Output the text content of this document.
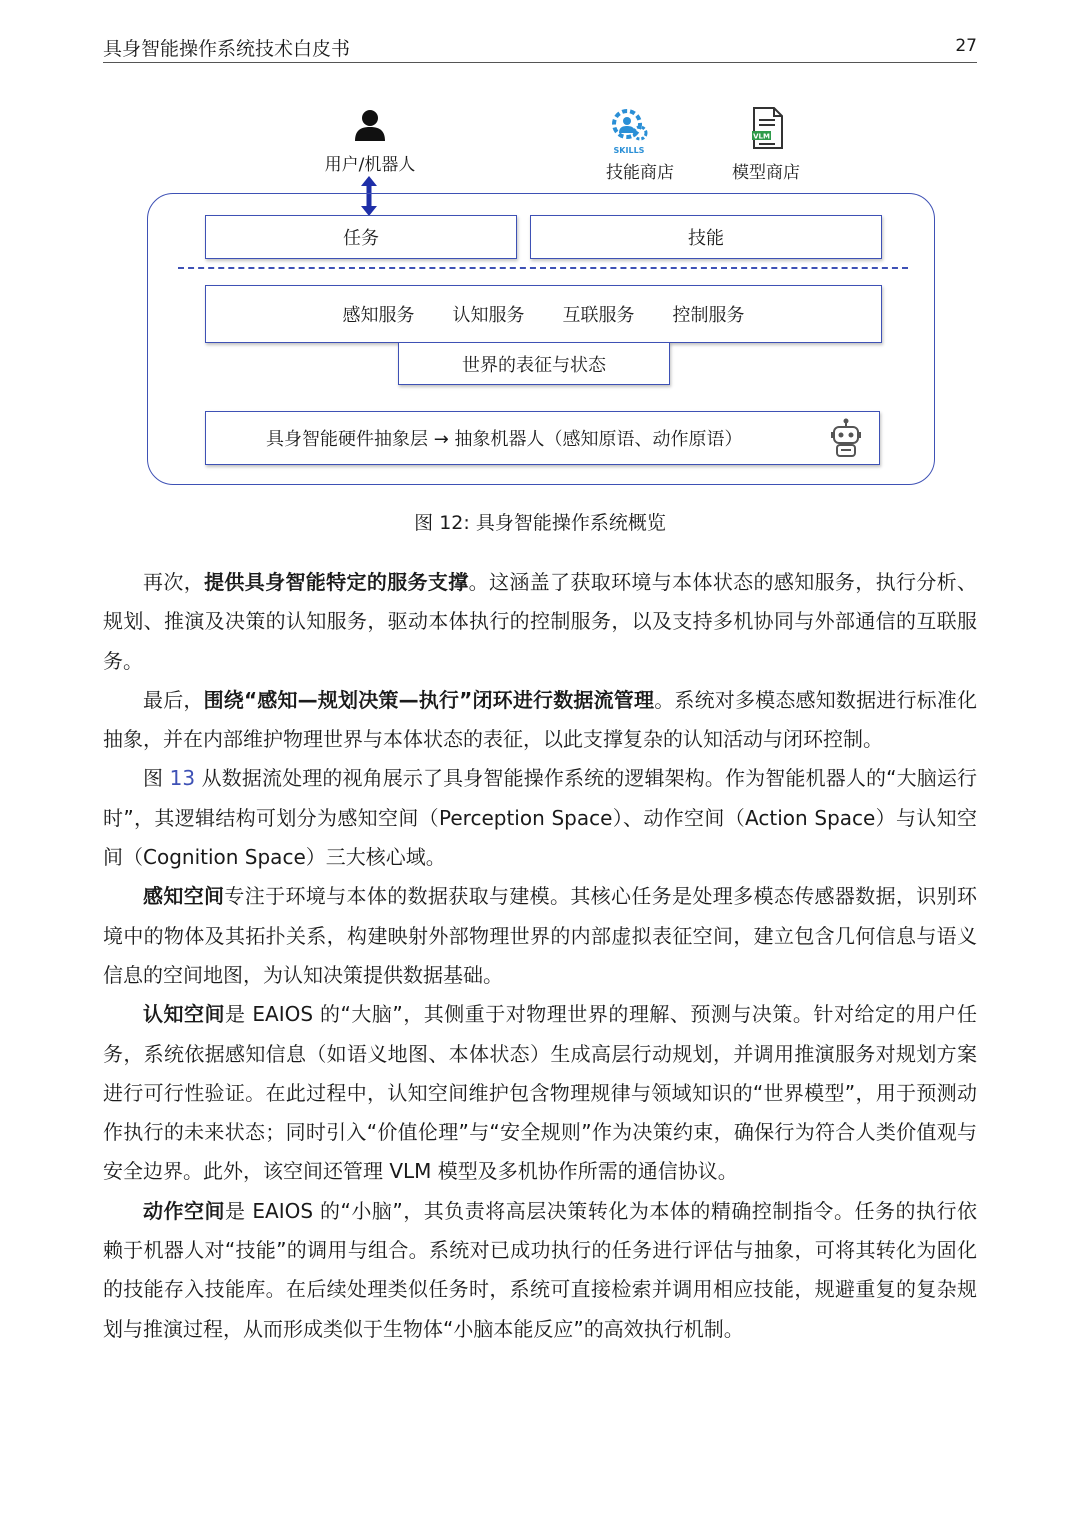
具身智能操作系统技术白皮书	27
用户/机器人
SKILLS
技能商店
VLM
模型商店
任务	技能
感知服务 认知服务 互联服务 控制服务
世界的表征与状态
具身智能硬件抽象层 → 抽象机器人（感知原语、动作原语）
图 12: 具身智能操作系统概览

再次，提供具身智能特定的服务支撑。这涵盖了获取环境与本体状态的感知服务，执行分析、规划、推演及决策的认知服务，驱动本体执行的控制服务，以及支持多机协同与外部通信的互联服务。

最后，围绕“感知—规划决策—执行”闭环进行数据流管理。系统对多模态感知数据进行标准化抽象，并在内部维护物理世界与本体状态的表征，以此支撑复杂的认知活动与闭环控制。

图 13 从数据流处理的视角展示了具身智能操作系统的逻辑架构。作为智能机器人的“大脑运行时”，其逻辑结构可划分为感知空间（Perception Space）、动作空间（Action Space）与认知空间（Cognition Space）三大核心域。

感知空间专注于环境与本体的数据获取与建模。其核心任务是处理多模态传感器数据，识别环境中的物体及其拓扑关系，构建映射外部物理世界的内部虚拟表征空间，建立包含几何信息与语义信息的空间地图，为认知决策提供数据基础。

认知空间是 EAIOS 的“大脑”，其侧重于对物理世界的理解、预测与决策。针对给定的用户任务，系统依据感知信息（如语义地图、本体状态）生成高层行动规划，并调用推演服务对规划方案进行可行性验证。在此过程中，认知空间维护包含物理规律与领域知识的“世界模型”，用于预测动作执行的未来状态；同时引入“价值伦理”与“安全规则”作为决策约束，确保行为符合人类价值观与安全边界。此外，该空间还管理 VLM 模型及多机协作所需的通信协议。

动作空间是 EAIOS 的“小脑”，其负责将高层决策转化为本体的精确控制指令。任务的执行依赖于机器人对“技能”的调用与组合。系统对已成功执行的任务进行评估与抽象，可将其转化为固化的技能存入技能库。在后续处理类似任务时，系统可直接检索并调用相应技能，规避重复的复杂规划与推演过程，从而形成类似于生物体“小脑本能反应”的高效执行机制。
